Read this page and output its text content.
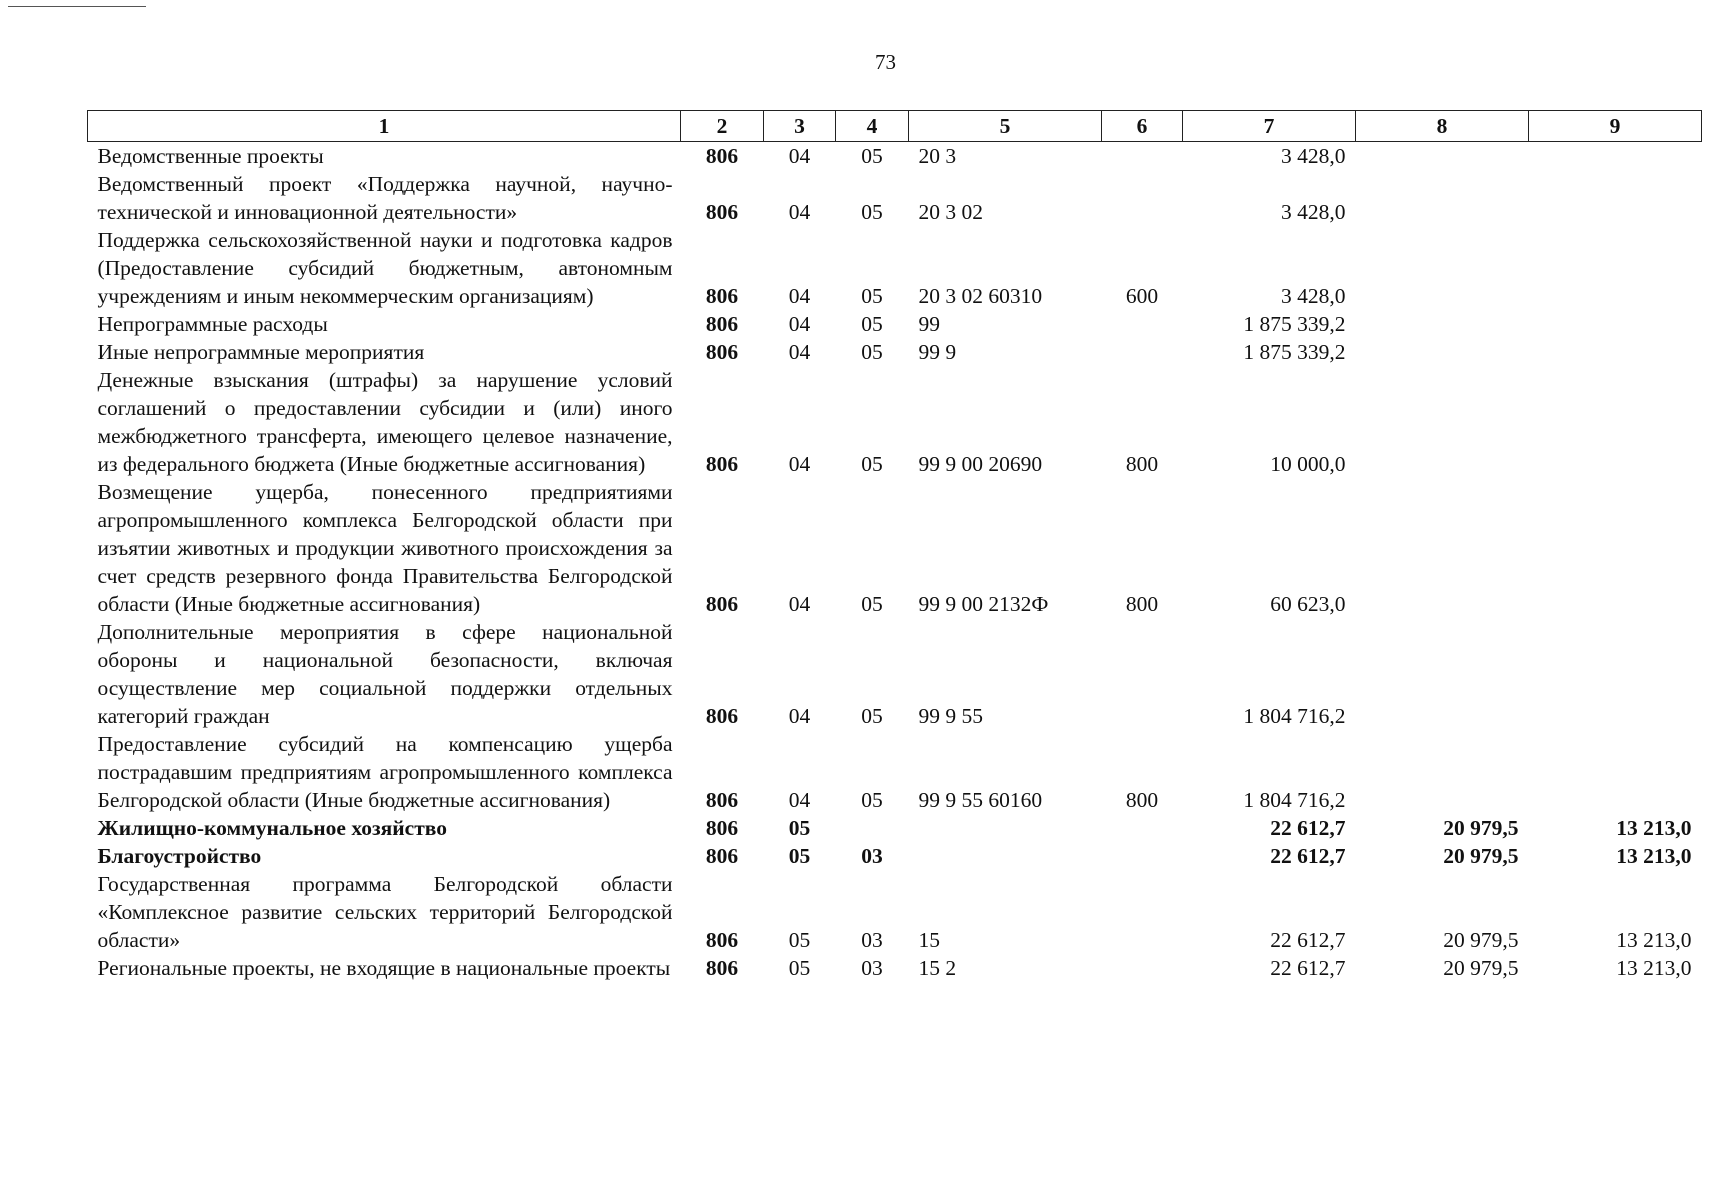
73
1	2	3	4	5	6	7	8	9
Ведомственные проекты	806	04	05	20 3		3 428,0		
Ведомственный проект «Поддержка научной, научно-технической и инновационной деятельности»	806	04	05	20 3 02		3 428,0		
Поддержка сельскохозяйственной науки и подготовка кадров (Предоставление субсидий бюджетным, автономным учреждениям и иным некоммерческим организациям)	806	04	05	20 3 02 60310	600	3 428,0		
Непрограммные расходы	806	04	05	99		1 875 339,2		
Иные непрограммные мероприятия	806	04	05	99 9		1 875 339,2		
Денежные взыскания (штрафы) за нарушение условий соглашений о предоставлении субсидии и (или) иного межбюджетного трансферта, имеющего целевое назначение, из федерального бюджета (Иные бюджетные ассигнования)	806	04	05	99 9 00 20690	800	10 000,0		
Возмещение ущерба, понесенного предприятиями агропромышленного комплекса Белгородской области при изъятии животных и продукции животного происхождения за счет средств резервного фонда Правительства Белгородской области (Иные бюджетные ассигнования)	806	04	05	99 9 00 2132Ф	800	60 623,0		
Дополнительные мероприятия в сфере национальной обороны и национальной безопасности, включая осуществление мер социальной поддержки отдельных категорий граждан	806	04	05	99 9 55		1 804 716,2		
Предоставление субсидий на компенсацию ущерба пострадавшим предприятиям агропромышленного комплекса Белгородской области (Иные бюджетные ассигнования)	806	04	05	99 9 55 60160	800	1 804 716,2		
Жилищно-коммунальное хозяйство	806	05				22 612,7	20 979,5	13 213,0
Благоустройство	806	05	03			22 612,7	20 979,5	13 213,0
Государственная программа Белгородской области «Комплексное развитие сельских территорий Белгородской области»	806	05	03	15		22 612,7	20 979,5	13 213,0
Региональные проекты, не входящие в национальные проекты	806	05	03	15 2		22 612,7	20 979,5	13 213,0
